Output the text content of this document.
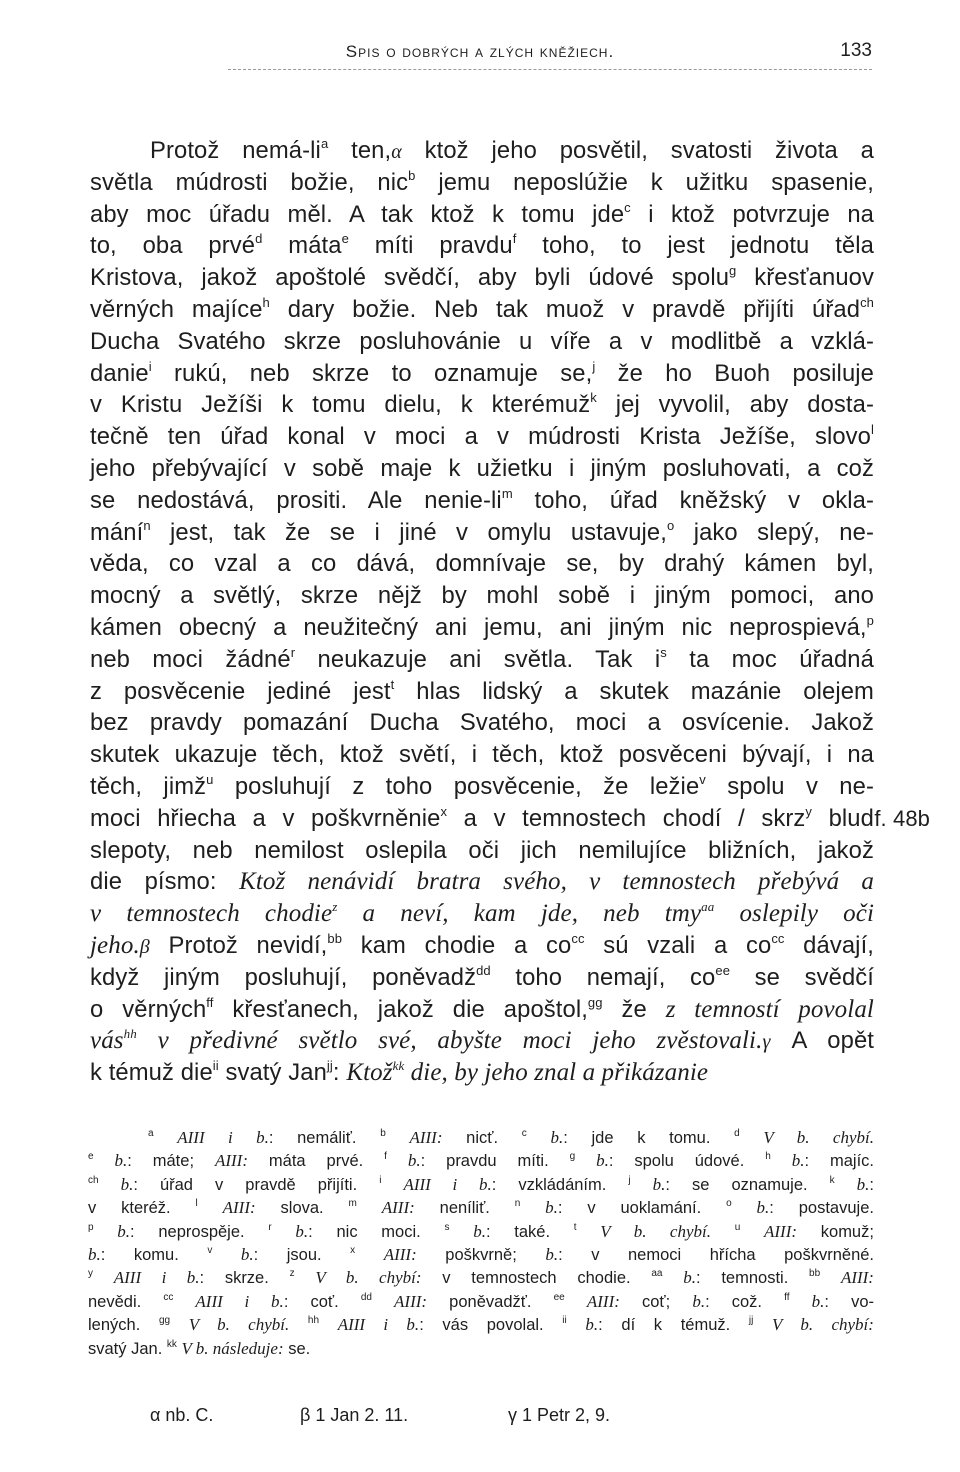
Spis o dobrých a zlých kněžiech.	133
Protož nemá-$li^a$ ten,α ktož jeho posvětil, svatosti života a
světla múdrosti božie, nic$^b$ jemu neposlúžie k užitku spasenie,
aby moc úřadu měl. A tak ktož k tomu jde$^c$ i ktož potvrzuje na
to, oba prvé$^d$ máta$^e$ míti pravdu$^f$ toho, to jest jednotu těla
Kristova, jakož apoštolé svědčí, aby byli údové spolu$^g$ křesťanuov
věrných majíce$^h$ dary božie. Neb tak muož v pravdě přijíti úřad$^{ch}$
Ducha Svatého skrze posluhovánie u víře a v modlitbě a vzklá-
danie$^i$ rukú, neb skrze to oznamuje se,$^j$ že ho Buoh posiluje
v Kristu Ježíši k tomu dielu, k kterémuž$^k$ jej vyvolil, aby dosta-
tečně ten úřad konal v moci a v múdrosti Krista Ježíše, slovo$^l$
jeho přebývající v sobě maje k užietku i jiným posluhovati, a což
se nedostává, prositi. Ale nenie-$li^m$ toho, úřad kněžský v okla-
mání$^n$ jest, tak že se i jiné v omylu ustavuje,$^o$ jako slepý, ne-
věda, co vzal a co dává, domnívaje se, by drahý kámen byl,
mocný a světlý, skrze nějž by mohl sobě i jiným pomoci, ano
kámen obecný a neužitečný ani jemu, ani jiným nic neprospievá,$^p$
neb moci žádné$^r$ neukazuje ani světla. Tak $i^s$ ta moc úřadná
z posvěcenie jediné jest$^t$ hlas lidský a skutek mazánie olejem
bez pravdy pomazání Ducha Svatého, moci a osvícenie. Jakož
skutek ukazuje těch, ktož světí, i těch, ktož posvěceni bývají, i na
těch, jimž$^u$ posluhují z toho posvěcenie, že ležie$^v$ spolu v ne-
moci hřiecha a v poškvrněnie$^x$ a v temnostech chodí / skrz$^y$ blud f. 48b
slepoty, neb nemilost oslepila oči jich nemilujíce bližních, jakož
die písmo: Ktož nenávidí bratra svého, v temnostech přebývá a
v temnostech chodie$^z$ a neví, kam jde, neb tmy$^{aa}$ oslepily oči
jeho.β Protož nevidí,$^{bb}$ kam chodie a $co^{cc}$ sú vzali a $co^{cc}$ dávají,
když jiným posluhují, poněvadž$^{dd}$ toho nemají, $co^{ee}$ se svědčí
o věrných$^{ff}$ křesťanech, jakož die apoštol,$^{gg}$ že z temností povolal
vás$^{hh}$ v předivné světlo své, abyšte moci jeho zvěstovali.γ A opět
k témuž die$^{ii}$ svatý Jan$^{jj}$: Ktož$^{kk}$ die, by jeho znal a přikázanie
$^a$ AIII i b.: nemáliť. $^b$ AIII: nicť. $^c$ b.: jde k tomu. $^d$ V b. chybí.
$^e$ b.: máte; AIII: máta prvé. $^f$ b.: pravdu míti. $^g$ b.: spolu údové. $^h$ b.: majíc.
$^{ch}$ b.: úřad v pravdě přijíti. $^i$ AIII i b.: vzkládáním. $^j$ b.: se oznamuje. $^k$ b.:
v kteréž. $^l$ AIII: slova. $^m$ AIII: neníliť. $^n$ b.: v uoklamání. $^o$ b.: postavuje.
$^p$ b.: neprospěje. $^r$ b.: nic moci. $^s$ b.: také. $^t$ V b. chybí. $^u$ AIII: komuž;
b.: komu. $^v$ b.: jsou. $^x$ AIII: poškvrně; b.: v nemoci hřícha poškvrněné.
$^y$ AIII i b.: skrze. $^z$ V b. chybí: v temnostech chodie. $^{aa}$ b.: temnosti. $^{bb}$ AIII:
nevědi. $^{cc}$ AIII i b.: coť. $^{dd}$ AIII: poněvadžť. $^{ee}$ AIII: coť; b.: což. $^{ff}$ b.: vo-
lených. $^{gg}$ V b. chybí. $^{hh}$ AIII i b.: vás povolal. $^{ii}$ b.: dí k témuž. $^{jj}$ V b. chybí:
svatý Jan. $^{kk}$ V b. následuje: se.
α nb. C.	β 1 Jan 2. 11.	γ 1 Petr 2, 9.
